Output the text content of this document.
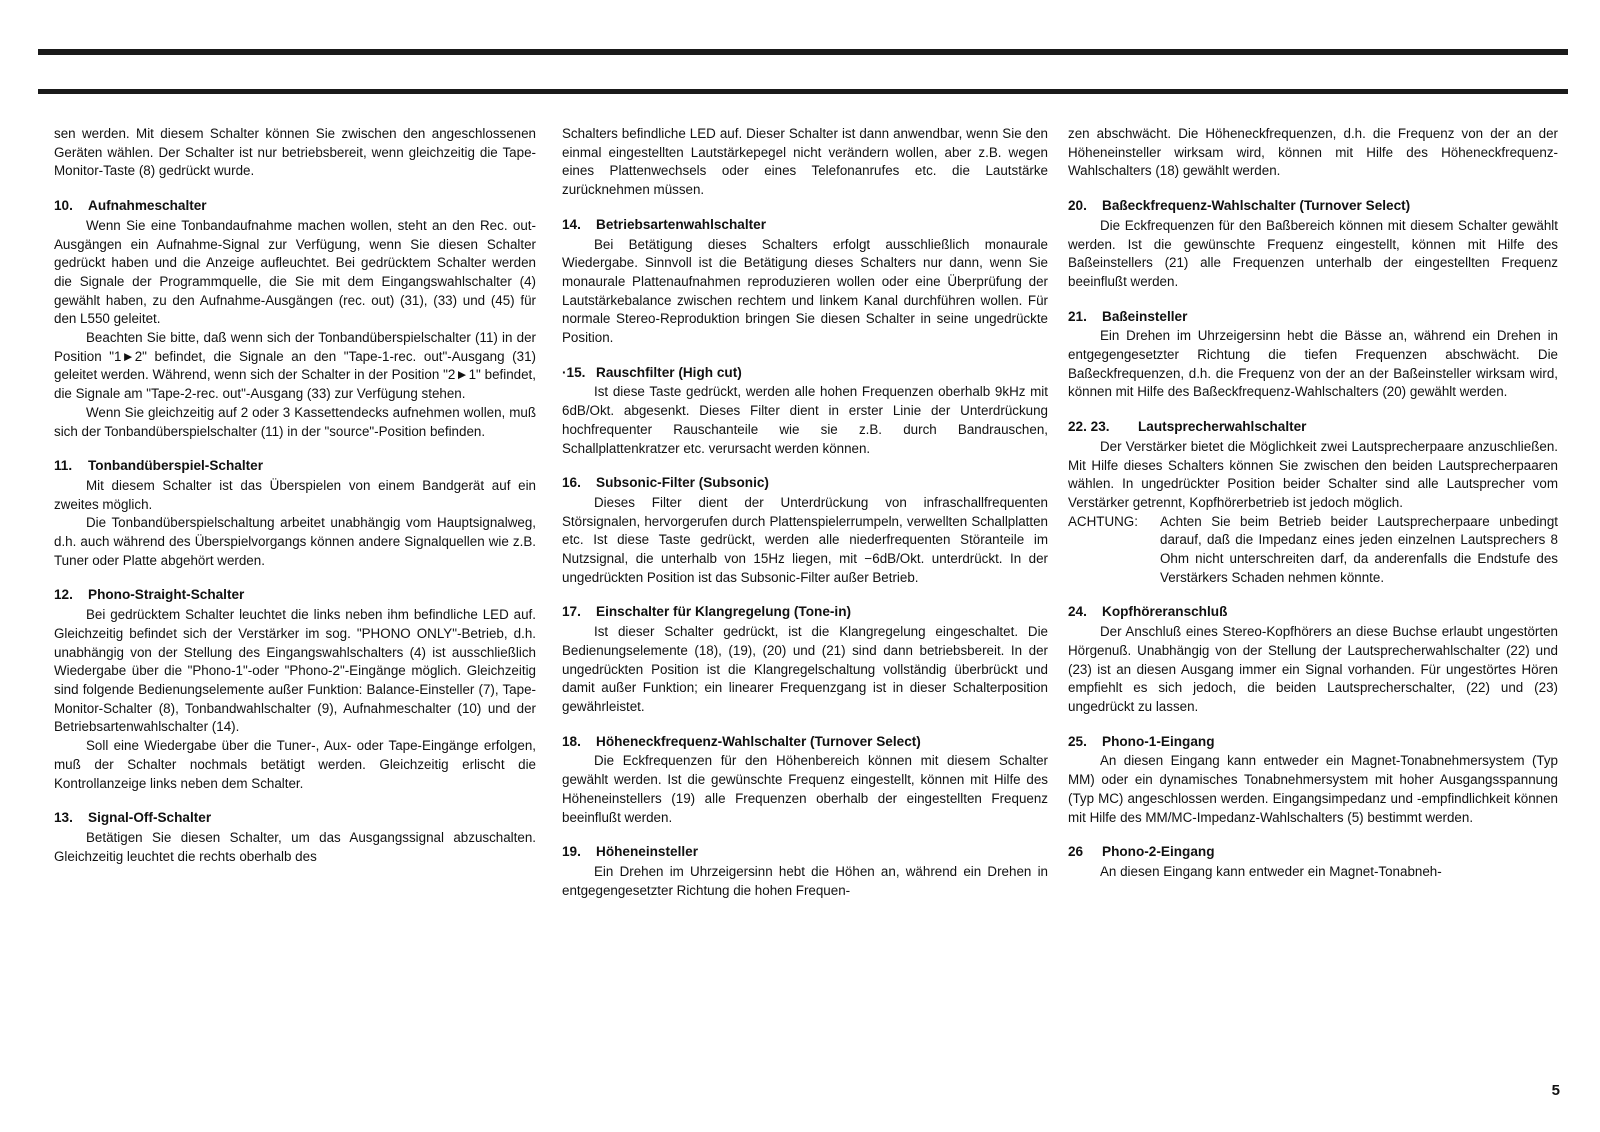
sen werden. Mit diesem Schalter können Sie zwischen den angeschlossenen Geräten wählen. Der Schalter ist nur betriebsbereit, wenn gleichzeitig die Tape-Monitor-Taste (8) gedrückt wurde.

10. Aufnahmeschalter

Wenn Sie eine Tonbandaufnahme machen wollen, steht an den Rec. out-Ausgängen ein Aufnahme-Signal zur Verfügung, wenn Sie diesen Schalter gedrückt haben und die Anzeige aufleuchtet. Bei gedrücktem Schalter werden die Signale der Programmquelle, die Sie mit dem Eingangswahlschalter (4) gewählt haben, zu den Aufnahme-Ausgängen (rec. out) (31), (33) und (45) für den L550 geleitet.

Beachten Sie bitte, daß wenn sich der Tonbandüberspielschalter (11) in der Position "1►2" befindet, die Signale an den "Tape-1-rec. out"-Ausgang (31) geleitet werden. Während, wenn sich der Schalter in der Position "2►1" befindet, die Signale am "Tape-2-rec. out"-Ausgang (33) zur Verfügung stehen.

Wenn Sie gleichzeitig auf 2 oder 3 Kassettendecks aufnehmen wollen, muß sich der Tonbandüberspielschalter (11) in der "source"-Position befinden.

11. Tonbandüberspiel-Schalter

Mit diesem Schalter ist das Überspielen von einem Bandgerät auf ein zweites möglich.

Die Tonbandüberspielschaltung arbeitet unabhängig vom Hauptsignalweg, d.h. auch während des Überspielvorgangs können andere Signalquellen wie z.B. Tuner oder Platte abgehört werden.

12. Phono-Straight-Schalter

Bei gedrücktem Schalter leuchtet die links neben ihm befindliche LED auf. Gleichzeitig befindet sich der Verstärker im sog. "PHONO ONLY"-Betrieb, d.h. unabhängig von der Stellung des Eingangswahlschalters (4) ist ausschließlich Wiedergabe über die "Phono-1"-oder "Phono-2"-Eingänge möglich. Gleichzeitig sind folgende Bedienungselemente außer Funktion: Balance-Einsteller (7), Tape-Monitor-Schalter (8), Tonbandwahlschalter (9), Aufnahmeschalter (10) und der Betriebsartenwahlschalter (14).

Soll eine Wiedergabe über die Tuner-, Aux- oder Tape-Eingänge erfolgen, muß der Schalter nochmals betätigt werden. Gleichzeitig erlischt die Kontrollanzeige links neben dem Schalter.

13. Signal-Off-Schalter

Betätigen Sie diesen Schalter, um das Ausgangssignal abzuschalten. Gleichzeitig leuchtet die rechts oberhalb des

Schalters befindliche LED auf. Dieser Schalter ist dann anwendbar, wenn Sie den einmal eingestellten Lautstärkepegel nicht verändern wollen, aber z.B. wegen eines Plattenwechsels oder eines Telefonanrufes etc. die Lautstärke zurücknehmen müssen.

14. Betriebsartenwahlschalter

Bei Betätigung dieses Schalters erfolgt ausschließlich monaurale Wiedergabe. Sinnvoll ist die Betätigung dieses Schalters nur dann, wenn Sie monaurale Plattenaufnahmen reproduzieren wollen oder eine Überprüfung der Lautstärkebalance zwischen rechtem und linkem Kanal durchführen wollen. Für normale Stereo-Reproduktion bringen Sie diesen Schalter in seine ungedrückte Position.

·15. Rauschfilter (High cut)

Ist diese Taste gedrückt, werden alle hohen Frequenzen oberhalb 9kHz mit 6dB/Okt. abgesenkt. Dieses Filter dient in erster Linie der Unterdrückung hochfrequenter Rauschanteile wie sie z.B. durch Bandrauschen, Schallplattenkratzer etc. verursacht werden können.

16. Subsonic-Filter (Subsonic)

Dieses Filter dient der Unterdrückung von infraschallfrequenten Störsignalen, hervorgerufen durch Plattenspielerrumpeln, verwellten Schallplatten etc. Ist diese Taste gedrückt, werden alle niederfrequenten Störanteile im Nutzsignal, die unterhalb von 15Hz liegen, mit −6dB/Okt. unterdrückt. In der ungedrückten Position ist das Subsonic-Filter außer Betrieb.

17. Einschalter für Klangregelung (Tone-in)

Ist dieser Schalter gedrückt, ist die Klangregelung eingeschaltet. Die Bedienungselemente (18), (19), (20) und (21) sind dann betriebsbereit. In der ungedrückten Position ist die Klangregelschaltung vollständig überbrückt und damit außer Funktion; ein linearer Frequenzgang ist in dieser Schalterposition gewährleistet.

18. Höheneckfrequenz-Wahlschalter (Turnover Select)

Die Eckfrequenzen für den Höhenbereich können mit diesem Schalter gewählt werden. Ist die gewünschte Frequenz eingestellt, können mit Hilfe des Höheneinstellers (19) alle Frequenzen oberhalb der eingestellten Frequenz beeinflußt werden.

19. Höheneinsteller

Ein Drehen im Uhrzeigersinn hebt die Höhen an, während ein Drehen in entgegengesetzter Richtung die hohen Frequen-

zen abschwächt. Die Höheneckfrequenzen, d.h. die Frequenz von der an der Höheneinsteller wirksam wird, können mit Hilfe des Höheneckfrequenz-Wahlschalters (18) gewählt werden.

20. Baßeckfrequenz-Wahlschalter (Turnover Select)

Die Eckfrequenzen für den Baßbereich können mit diesem Schalter gewählt werden. Ist die gewünschte Frequenz eingestellt, können mit Hilfe des Baßeinstellers (21) alle Frequenzen unterhalb der eingestellten Frequenz beeinflußt werden.

21. Baßeinsteller

Ein Drehen im Uhrzeigersinn hebt die Bässe an, während ein Drehen in entgegengesetzter Richtung die tiefen Frequenzen abschwächt. Die Baßeckfrequenzen, d.h. die Frequenz von der an der Baßeinsteller wirksam wird, können mit Hilfe des Baßeckfrequenz-Wahlschalters (20) gewählt werden.

22. 23. Lautsprecherwahlschalter

Der Verstärker bietet die Möglichkeit zwei Lautsprecherpaare anzuschließen. Mit Hilfe dieses Schalters können Sie zwischen den beiden Lautsprecherpaaren wählen. In ungedrückter Position beider Schalter sind alle Lautsprecher vom Verstärker getrennt, Kopfhörerbetrieb ist jedoch möglich.

ACHTUNG:	Achten Sie beim Betrieb beider Lautsprecherpaare unbedingt darauf, daß die Impedanz eines jeden einzelnen Lautsprechers 8 Ohm nicht unterschreiten darf, da anderenfalls die Endstufe des Verstärkers Schaden nehmen könnte.
24. Kopfhöreranschluß

Der Anschluß eines Stereo-Kopfhörers an diese Buchse erlaubt ungestörten Hörgenuß. Unabhängig von der Stellung der Lautsprecherwahlschalter (22) und (23) ist an diesen Ausgang immer ein Signal vorhanden. Für ungestörtes Hören empfiehlt es sich jedoch, die beiden Lautsprecherschalter, (22) und (23) ungedrückt zu lassen.

25. Phono-1-Eingang

An diesen Eingang kann entweder ein Magnet-Tonabnehmersystem (Typ MM) oder ein dynamisches Tonabnehmersystem mit hoher Ausgangsspannung (Typ MC) angeschlossen werden. Eingangsimpedanz und -empfindlichkeit können mit Hilfe des MM/MC-Impedanz-Wahlschalters (5) bestimmt werden.

26 Phono-2-Eingang

An diesen Eingang kann entweder ein Magnet-Tonabneh-

5
